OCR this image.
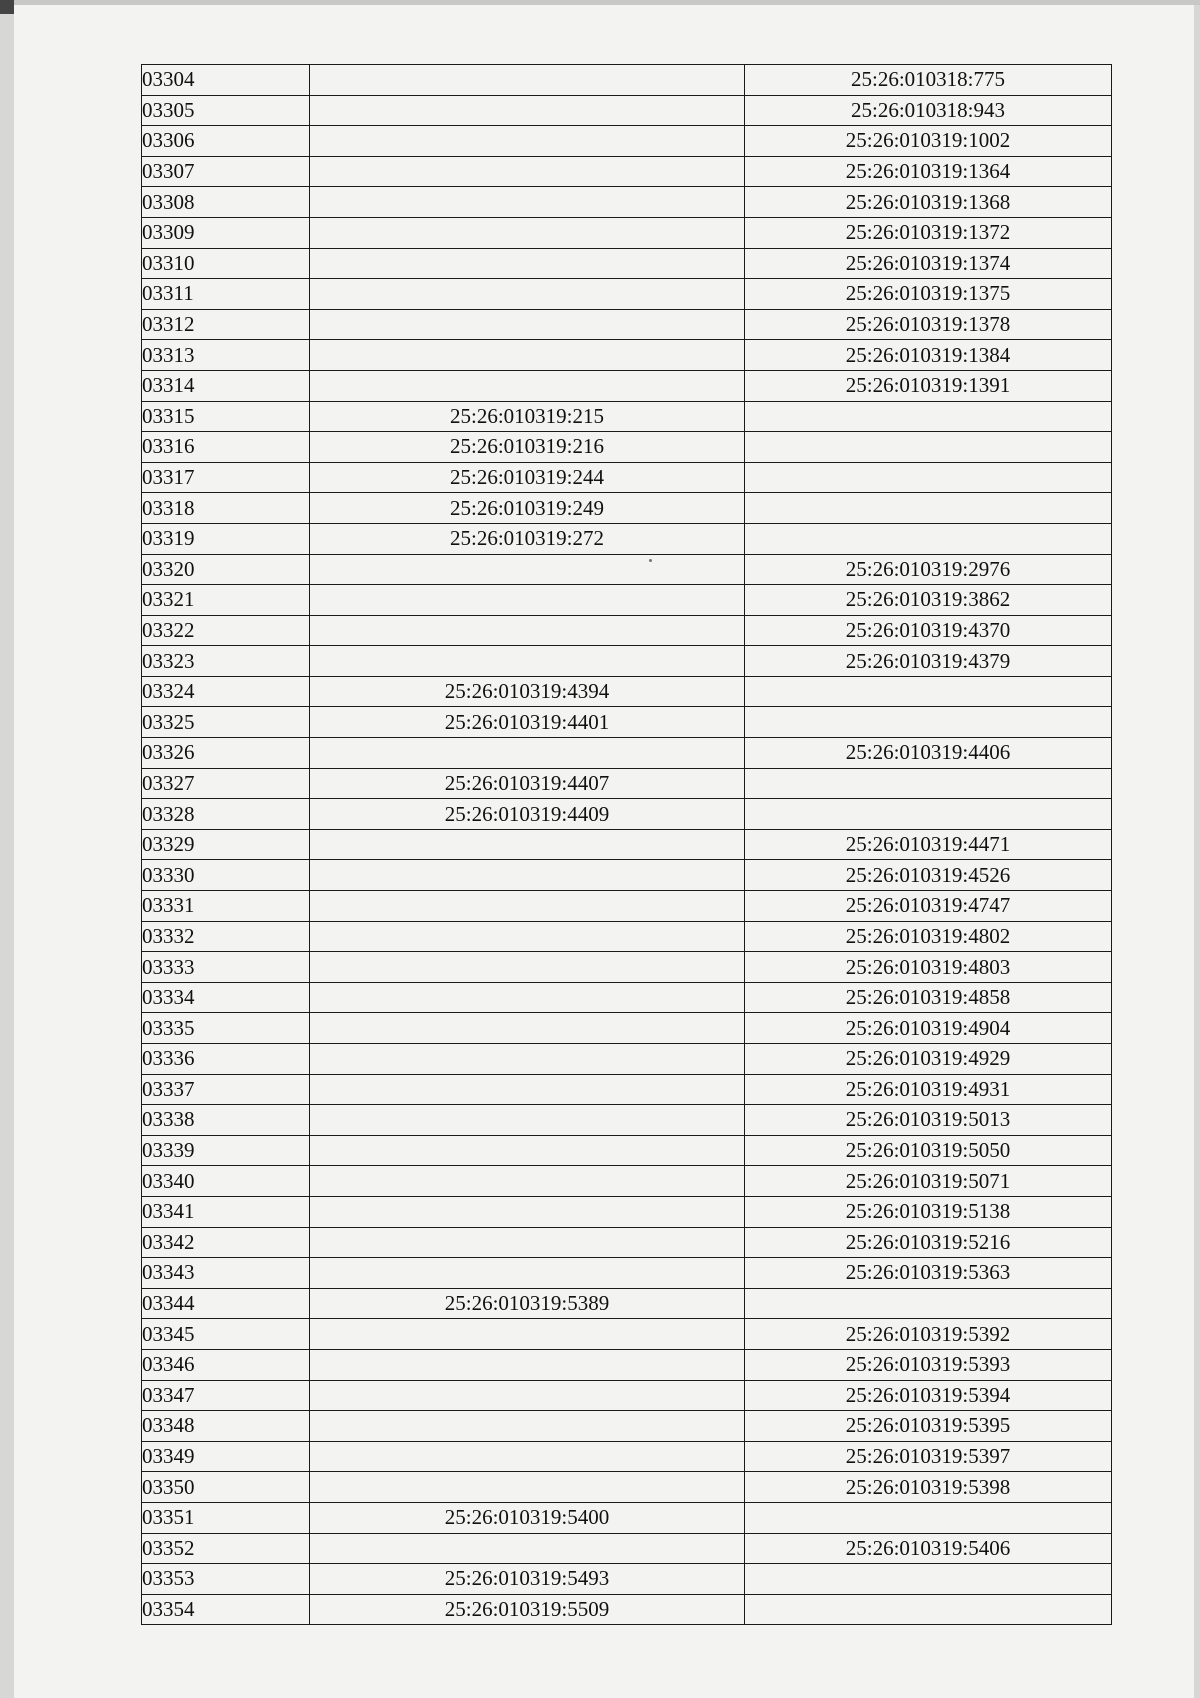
03304		25:26:010318:775
03305		25:26:010318:943
03306		25:26:010319:1002
03307		25:26:010319:1364
03308		25:26:010319:1368
03309		25:26:010319:1372
03310		25:26:010319:1374
03311		25:26:010319:1375
03312		25:26:010319:1378
03313		25:26:010319:1384
03314		25:26:010319:1391
03315	25:26:010319:215	
03316	25:26:010319:216	
03317	25:26:010319:244	
03318	25:26:010319:249	
03319	25:26:010319:272	
03320		25:26:010319:2976
03321		25:26:010319:3862
03322		25:26:010319:4370
03323		25:26:010319:4379
03324	25:26:010319:4394	
03325	25:26:010319:4401	
03326		25:26:010319:4406
03327	25:26:010319:4407	
03328	25:26:010319:4409	
03329		25:26:010319:4471
03330		25:26:010319:4526
03331		25:26:010319:4747
03332		25:26:010319:4802
03333		25:26:010319:4803
03334		25:26:010319:4858
03335		25:26:010319:4904
03336		25:26:010319:4929
03337		25:26:010319:4931
03338		25:26:010319:5013
03339		25:26:010319:5050
03340		25:26:010319:5071
03341		25:26:010319:5138
03342		25:26:010319:5216
03343		25:26:010319:5363
03344	25:26:010319:5389	
03345		25:26:010319:5392
03346		25:26:010319:5393
03347		25:26:010319:5394
03348		25:26:010319:5395
03349		25:26:010319:5397
03350		25:26:010319:5398
03351	25:26:010319:5400	
03352		25:26:010319:5406
03353	25:26:010319:5493	
03354	25:26:010319:5509	
